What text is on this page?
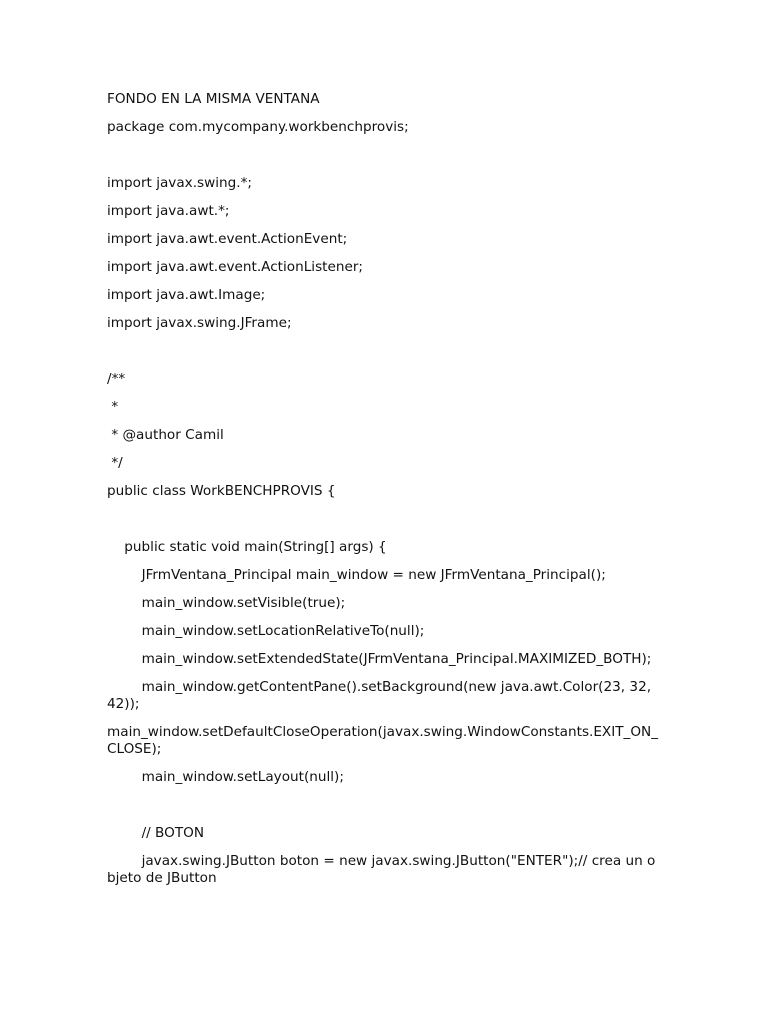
FONDO EN LA MISMA VENTANA
package com.mycompany.workbenchprovis;
import javax.swing.*;
import java.awt.*;
import java.awt.event.ActionEvent;
import java.awt.event.ActionListener;
import java.awt.Image;
import javax.swing.JFrame;
/**
*
* @author Camil
*/
public class WorkBENCHPROVIS {
public static void main(String[] args) {
JFrmVentana_Principal main_window = new JFrmVentana_Principal();
main_window.setVisible(true);
main_window.setLocationRelativeTo(null);
main_window.setExtendedState(JFrmVentana_Principal.MAXIMIZED_BOTH);
main_window.getContentPane().setBackground(new java.awt.Color(23, 32, 42));
main_window.setDefaultCloseOperation(javax.swing.WindowConstants.EXIT_ON_CLOSE);
main_window.setLayout(null);
// BOTON
javax.swing.JButton boton = new javax.swing.JButton("ENTER");// crea un objeto de JButton
